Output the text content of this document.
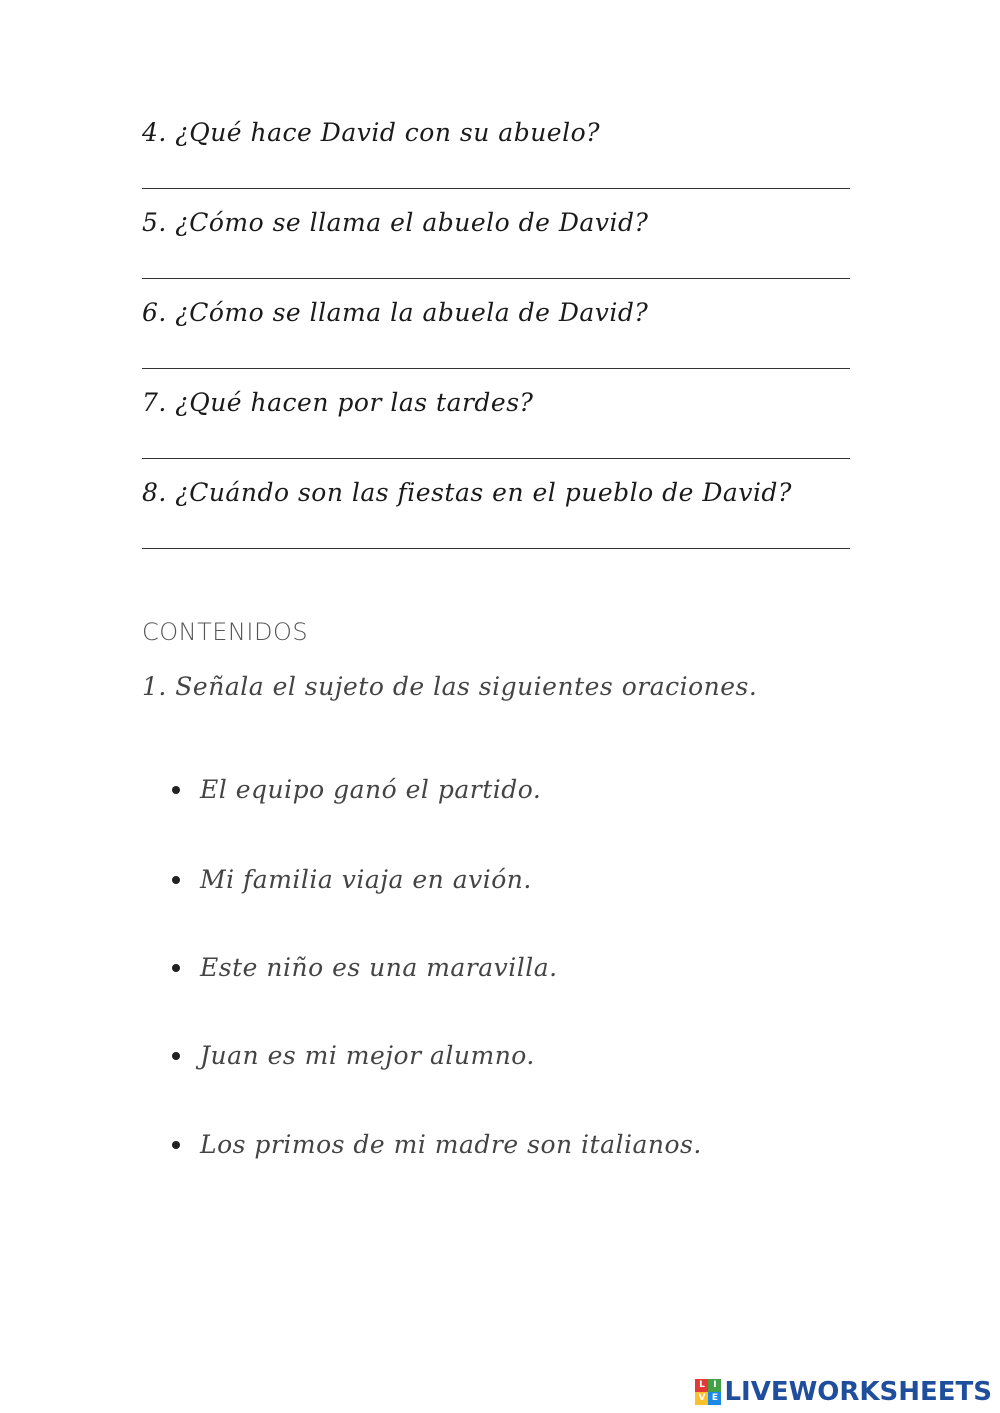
4. ¿Qué hace David con su abuelo?
5. ¿Cómo se llama el abuelo de David?
6. ¿Cómo se llama la abuela de David?
7. ¿Qué hacen por las tardes?
8. ¿Cuándo son las fiestas en el pueblo de David?
CONTENIDOS
1. Señala el sujeto de las siguientes oraciones.
El equipo ganó el partido.
Mi familia viaja en avión.
Este niño es una maravilla.
Juan es mi mejor alumno.
Los primos de mi madre son italianos.
L I
V E LIVEWORKSHEETS
